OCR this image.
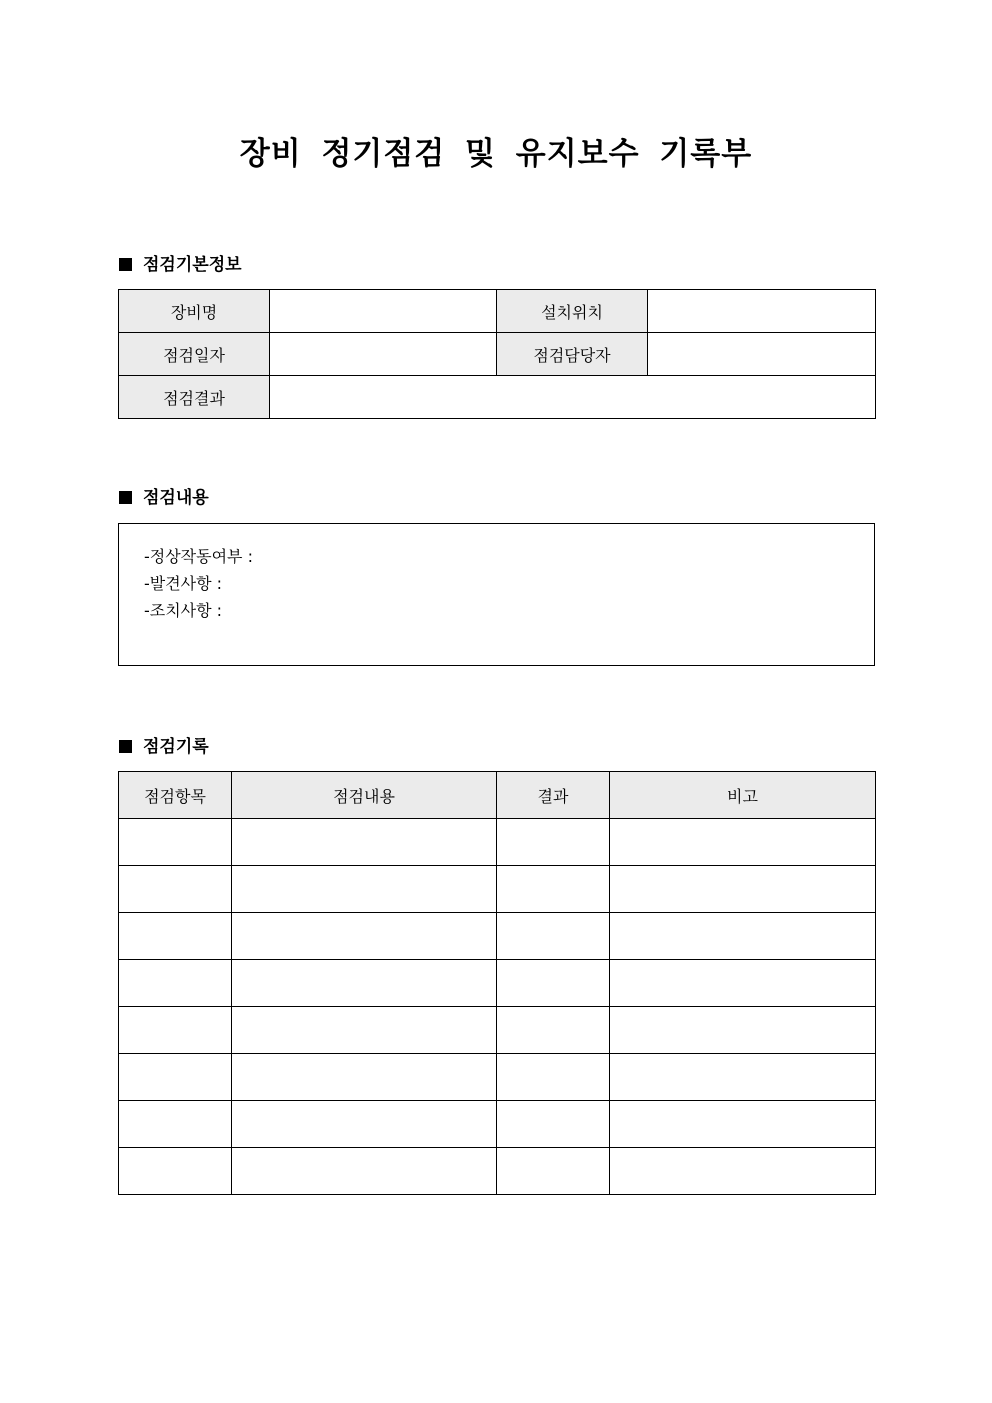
장비 정기점검 및 유지보수 기록부
점검기본정보
장비명		설치위치	
점검일자		점검담당자	
점검결과			
점검내용
-정상작동여부 :
-발견사항 :
-조치사항 :
점검기록
점검항목	점검내용	결과	비고
